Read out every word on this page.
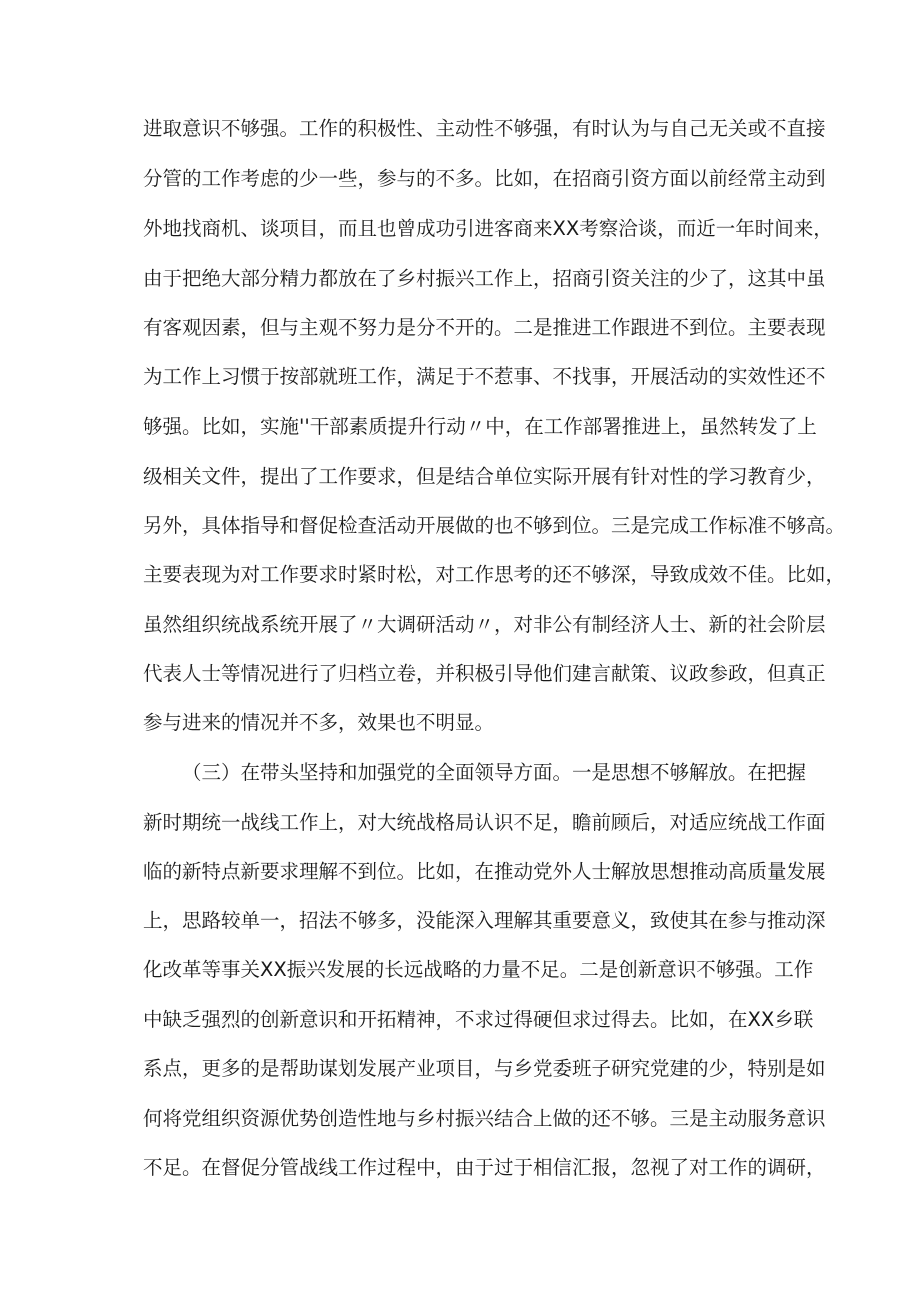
进取意识不够强。工作的积极性、主动性不够强，有时认为与自己无关或不直接
分管的工作考虑的少一些，参与的不多。比如，在招商引资方面以前经常主动到
外地找商机、谈项目，而且也曾成功引进客商来XX考察洽谈，而近一年时间来，
由于把绝大部分精力都放在了乡村振兴工作上，招商引资关注的少了，这其中虽
有客观因素，但与主观不努力是分不开的。二是推进工作跟进不到位。主要表现
为工作上习惯于按部就班工作，满足于不惹事、不找事，开展活动的实效性还不
够强。比如，实施''干部素质提升行动〃中，在工作部署推进上，虽然转发了上
级相关文件，提出了工作要求，但是结合单位实际开展有针对性的学习教育少，
另外，具体指导和督促检查活动开展做的也不够到位。三是完成工作标准不够高。
主要表现为对工作要求时紧时松，对工作思考的还不够深，导致成效不佳。比如，
虽然组织统战系统开展了〃大调研活动〃，对非公有制经济人士、新的社会阶层
代表人士等情况进行了归档立卷，并积极引导他们建言献策、议政参政，但真正
参与进来的情况并不多，效果也不明显。
（三）在带头坚持和加强党的全面领导方面。一是思想不够解放。在把握
新时期统一战线工作上，对大统战格局认识不足，瞻前顾后，对适应统战工作面
临的新特点新要求理解不到位。比如，在推动党外人士解放思想推动高质量发展
上，思路较单一，招法不够多，没能深入理解其重要意义，致使其在参与推动深
化改革等事关XX振兴发展的长远战略的力量不足。二是创新意识不够强。工作
中缺乏强烈的创新意识和开拓精神，不求过得硬但求过得去。比如，在XX乡联
系点，更多的是帮助谋划发展产业项目，与乡党委班子研究党建的少，特别是如
何将党组织资源优势创造性地与乡村振兴结合上做的还不够。三是主动服务意识
不足。在督促分管战线工作过程中，由于过于相信汇报，忽视了对工作的调研，
